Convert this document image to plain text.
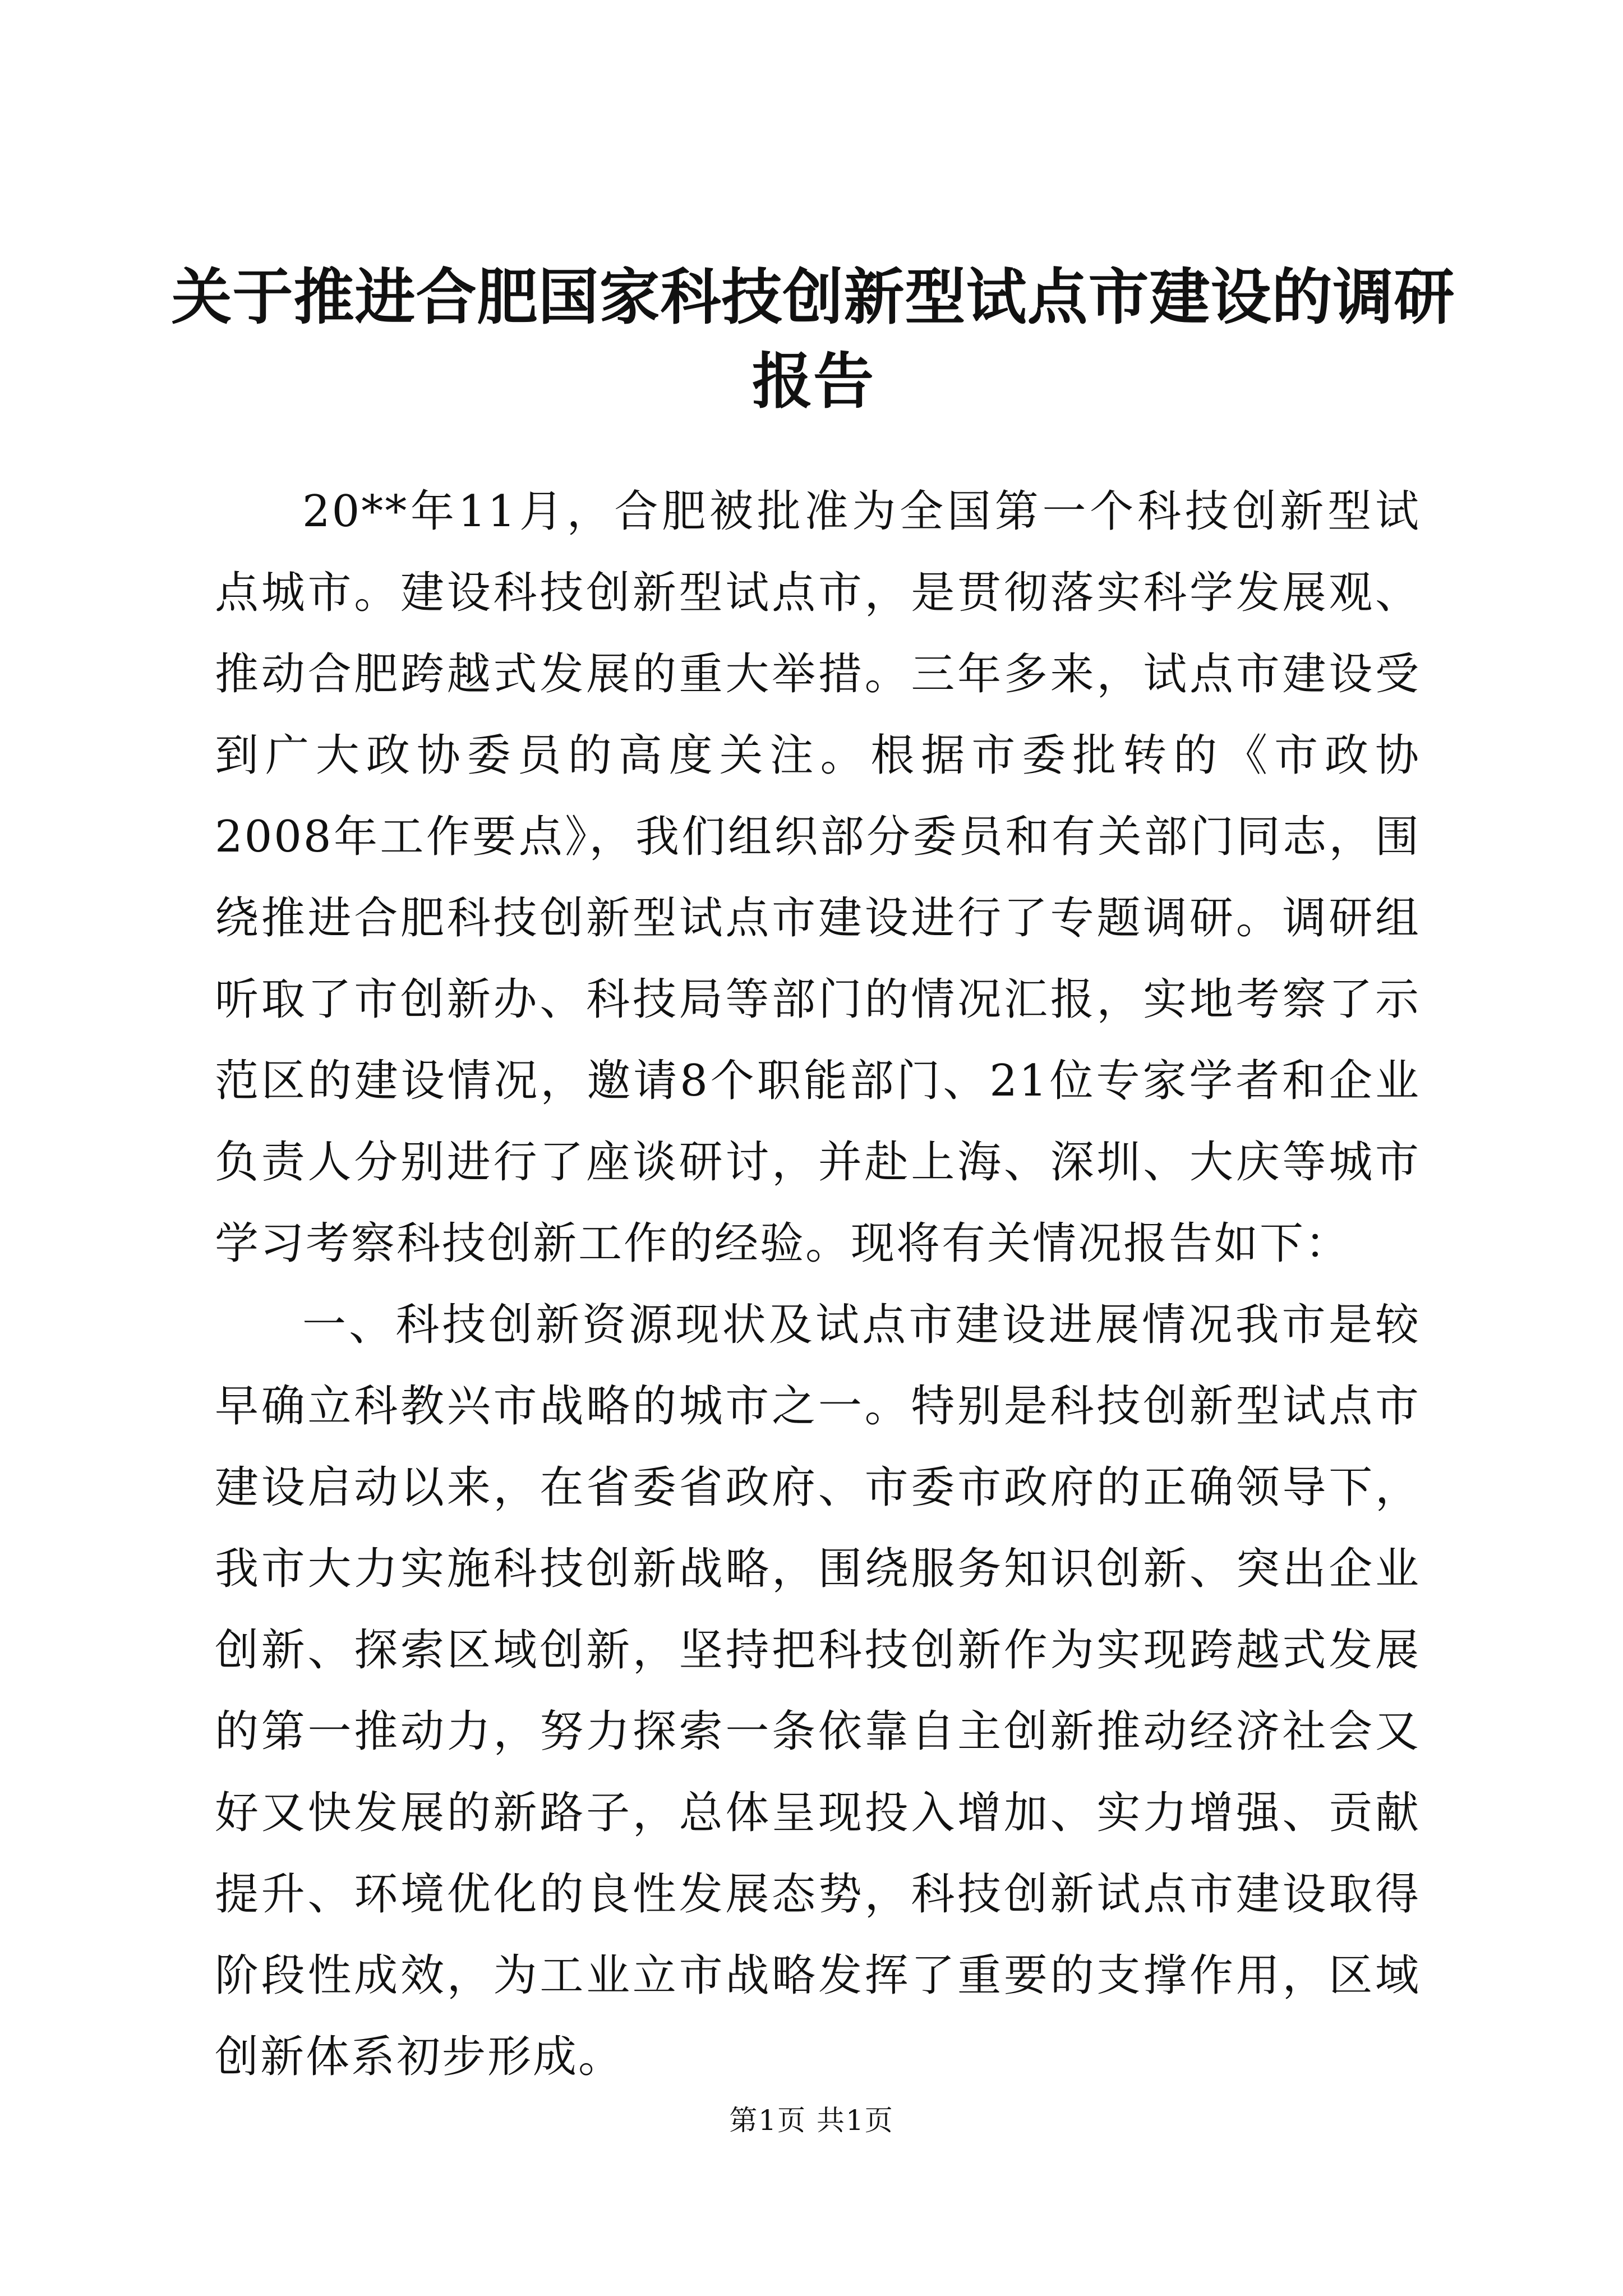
关于推进合肥国家科技创新型试点市建设的调研报告

20**年11月，合肥被批准为全国第一个科技创新型试点城市。建设科技创新型试点市，是贯彻落实科学发展观、推动合肥跨越式发展的重大举措。三年多来，试点市建设受到广大政协委员的高度关注。根据市委批转的《市政协2008年工作要点》，我们组织部分委员和有关部门同志，围绕推进合肥科技创新型试点市建设进行了专题调研。调研组听取了市创新办、科技局等部门的情况汇报，实地考察了示范区的建设情况，邀请8个职能部门、21位专家学者和企业负责人分别进行了座谈研讨，并赴上海、深圳、大庆等城市学习考察科技创新工作的经验。现将有关情况报告如下：

一、科技创新资源现状及试点市建设进展情况我市是较早确立科教兴市战略的城市之一。特别是科技创新型试点市建设启动以来，在省委省政府、市委市政府的正确领导下，我市大力实施科技创新战略，围绕服务知识创新、突出企业创新、探索区域创新，坚持把科技创新作为实现跨越式发展的第一推动力，努力探索一条依靠自主创新推动经济社会又好又快发展的新路子，总体呈现投入增加、实力增强、贡献提升、环境优化的良性发展态势，科技创新试点市建设取得阶段性成效，为工业立市战略发挥了重要的支撑作用，区域创新体系初步形成。

第1页 共1页
